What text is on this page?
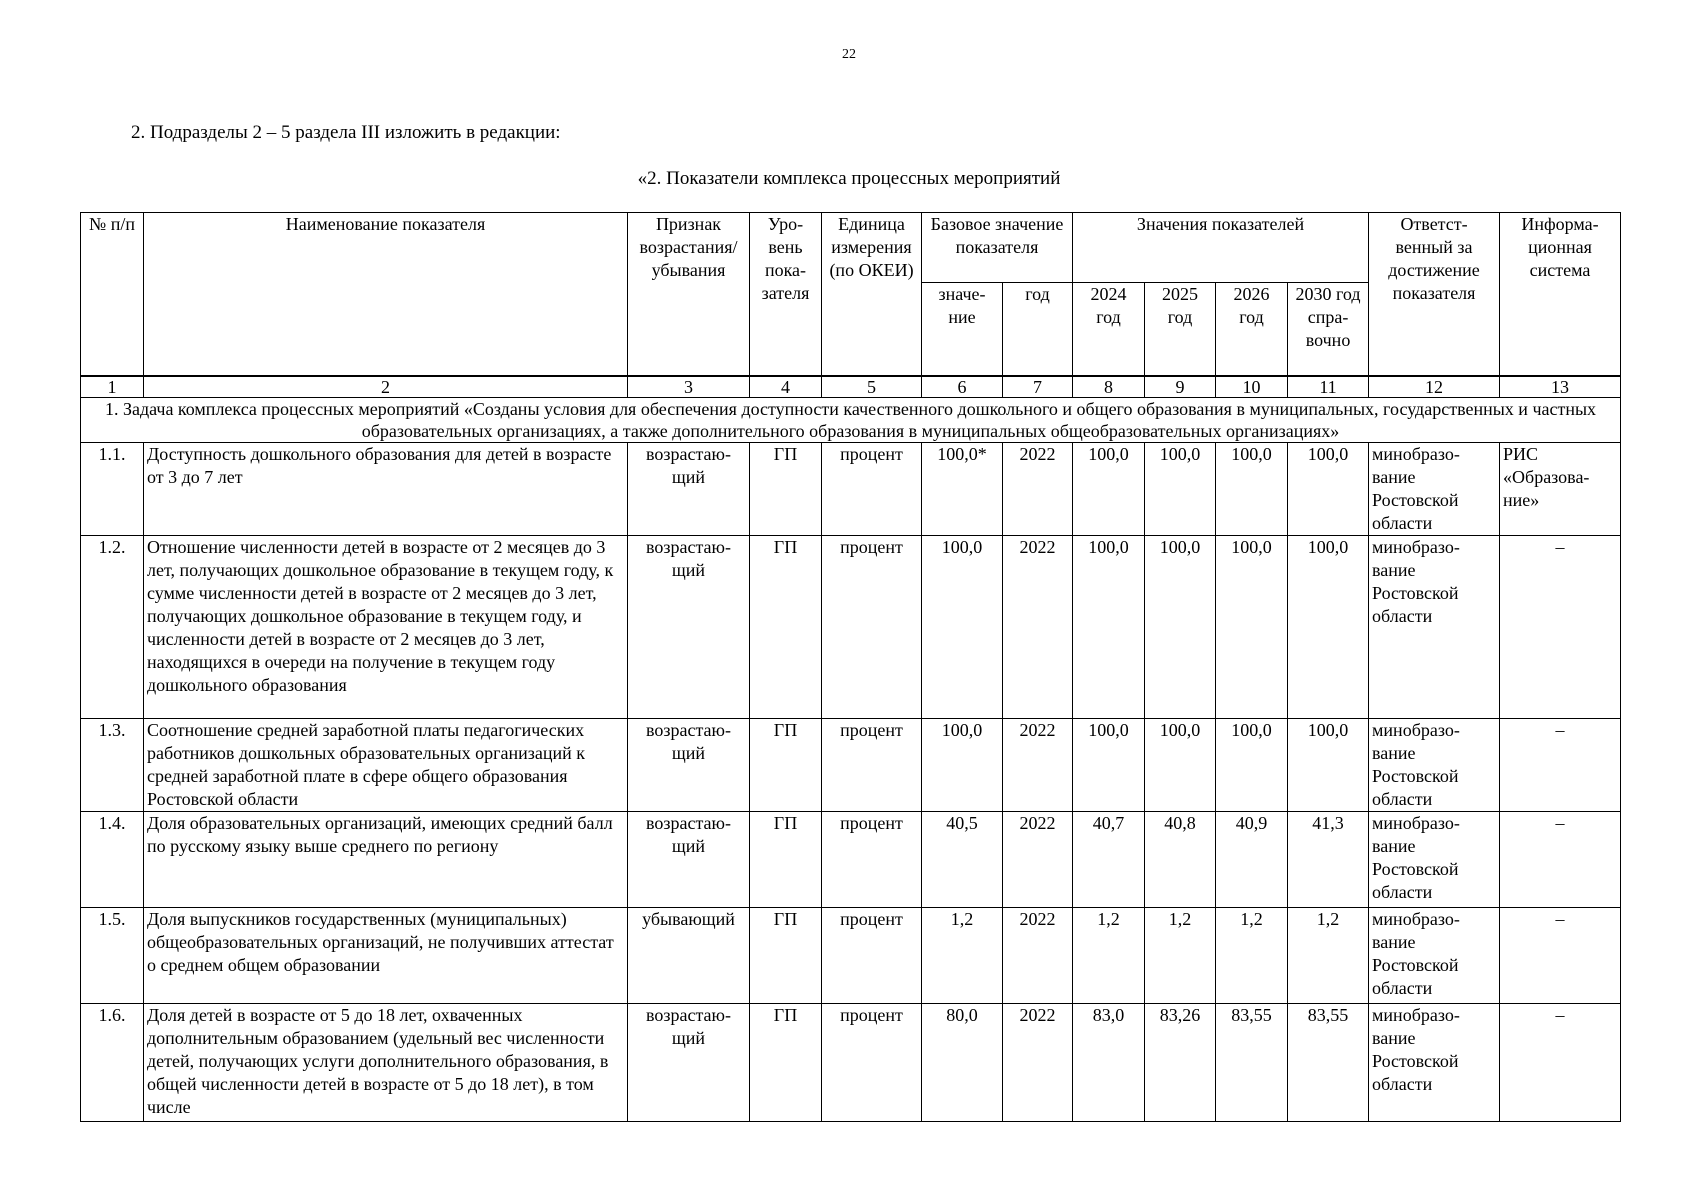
22
2. Подразделы 2 – 5 раздела III изложить в редакции:
«2. Показатели комплекса процессных мероприятий
№ п/п	Наименование показателя	Признак возрастания/ убывания	Уро-вень пока-зателя	Единица измерения (по ОКЕИ)	Базовое значение показателя		Значения показателей				Ответст-венный за достижение показателя	Информа-ционная система
					значе-ние	год	2024 год	2025 год	2026 год	2030 год спра-вочно		
1	2	3	4	5	6	7	8	9	10	11	12	13
1. Задача комплекса процессных мероприятий «Созданы условия для обеспечения доступности качественного дошкольного и общего образования в муниципальных, государственных и частных образовательных организациях, а также дополнительного образования в муниципальных общеобразовательных организациях»												
1.1.	Доступность дошкольного образования для детей в возрасте от 3 до 7 лет	возрастаю-щий	ГП	процент	100,0*	2022	100,0	100,0	100,0	100,0	минобразо-вание Ростовской области	РИС «Образова-ние»
1.2.	Отношение численности детей в возрасте от 2 месяцев до 3 лет, получающих дошкольное образование в текущем году, к сумме численности детей в возрасте от 2 месяцев до 3 лет, получающих дошкольное образование в текущем году, и численности детей в возрасте от 2 месяцев до 3 лет, находящихся в очереди на получение в текущем году дошкольного образования	возрастаю-щий	ГП	процент	100,0	2022	100,0	100,0	100,0	100,0	минобразо-вание Ростовской области	–
1.3.	Соотношение средней заработной платы педагогических работников дошкольных образовательных организаций к средней заработной плате в сфере общего образования Ростовской области	возрастаю-щий	ГП	процент	100,0	2022	100,0	100,0	100,0	100,0	минобразо-вание Ростовской области	–
1.4.	Доля образовательных организаций, имеющих средний балл по русскому языку выше среднего по региону	возрастаю-щий	ГП	процент	40,5	2022	40,7	40,8	40,9	41,3	минобразо-вание Ростовской области	–
1.5.	Доля выпускников государственных (муниципальных) общеобразовательных организаций, не получивших аттестат о среднем общем образовании	убывающий	ГП	процент	1,2	2022	1,2	1,2	1,2	1,2	минобразо-вание Ростовской области	–
1.6.	Доля детей в возрасте от 5 до 18 лет, охваченных дополнительным образованием (удельный вес численности детей, получающих услуги дополнительного образования, в общей численности детей в возрасте от 5 до 18 лет), в том числе	возрастаю-щий	ГП	процент	80,0	2022	83,0	83,26	83,55	83,55	минобразо-вание Ростовской области	–
